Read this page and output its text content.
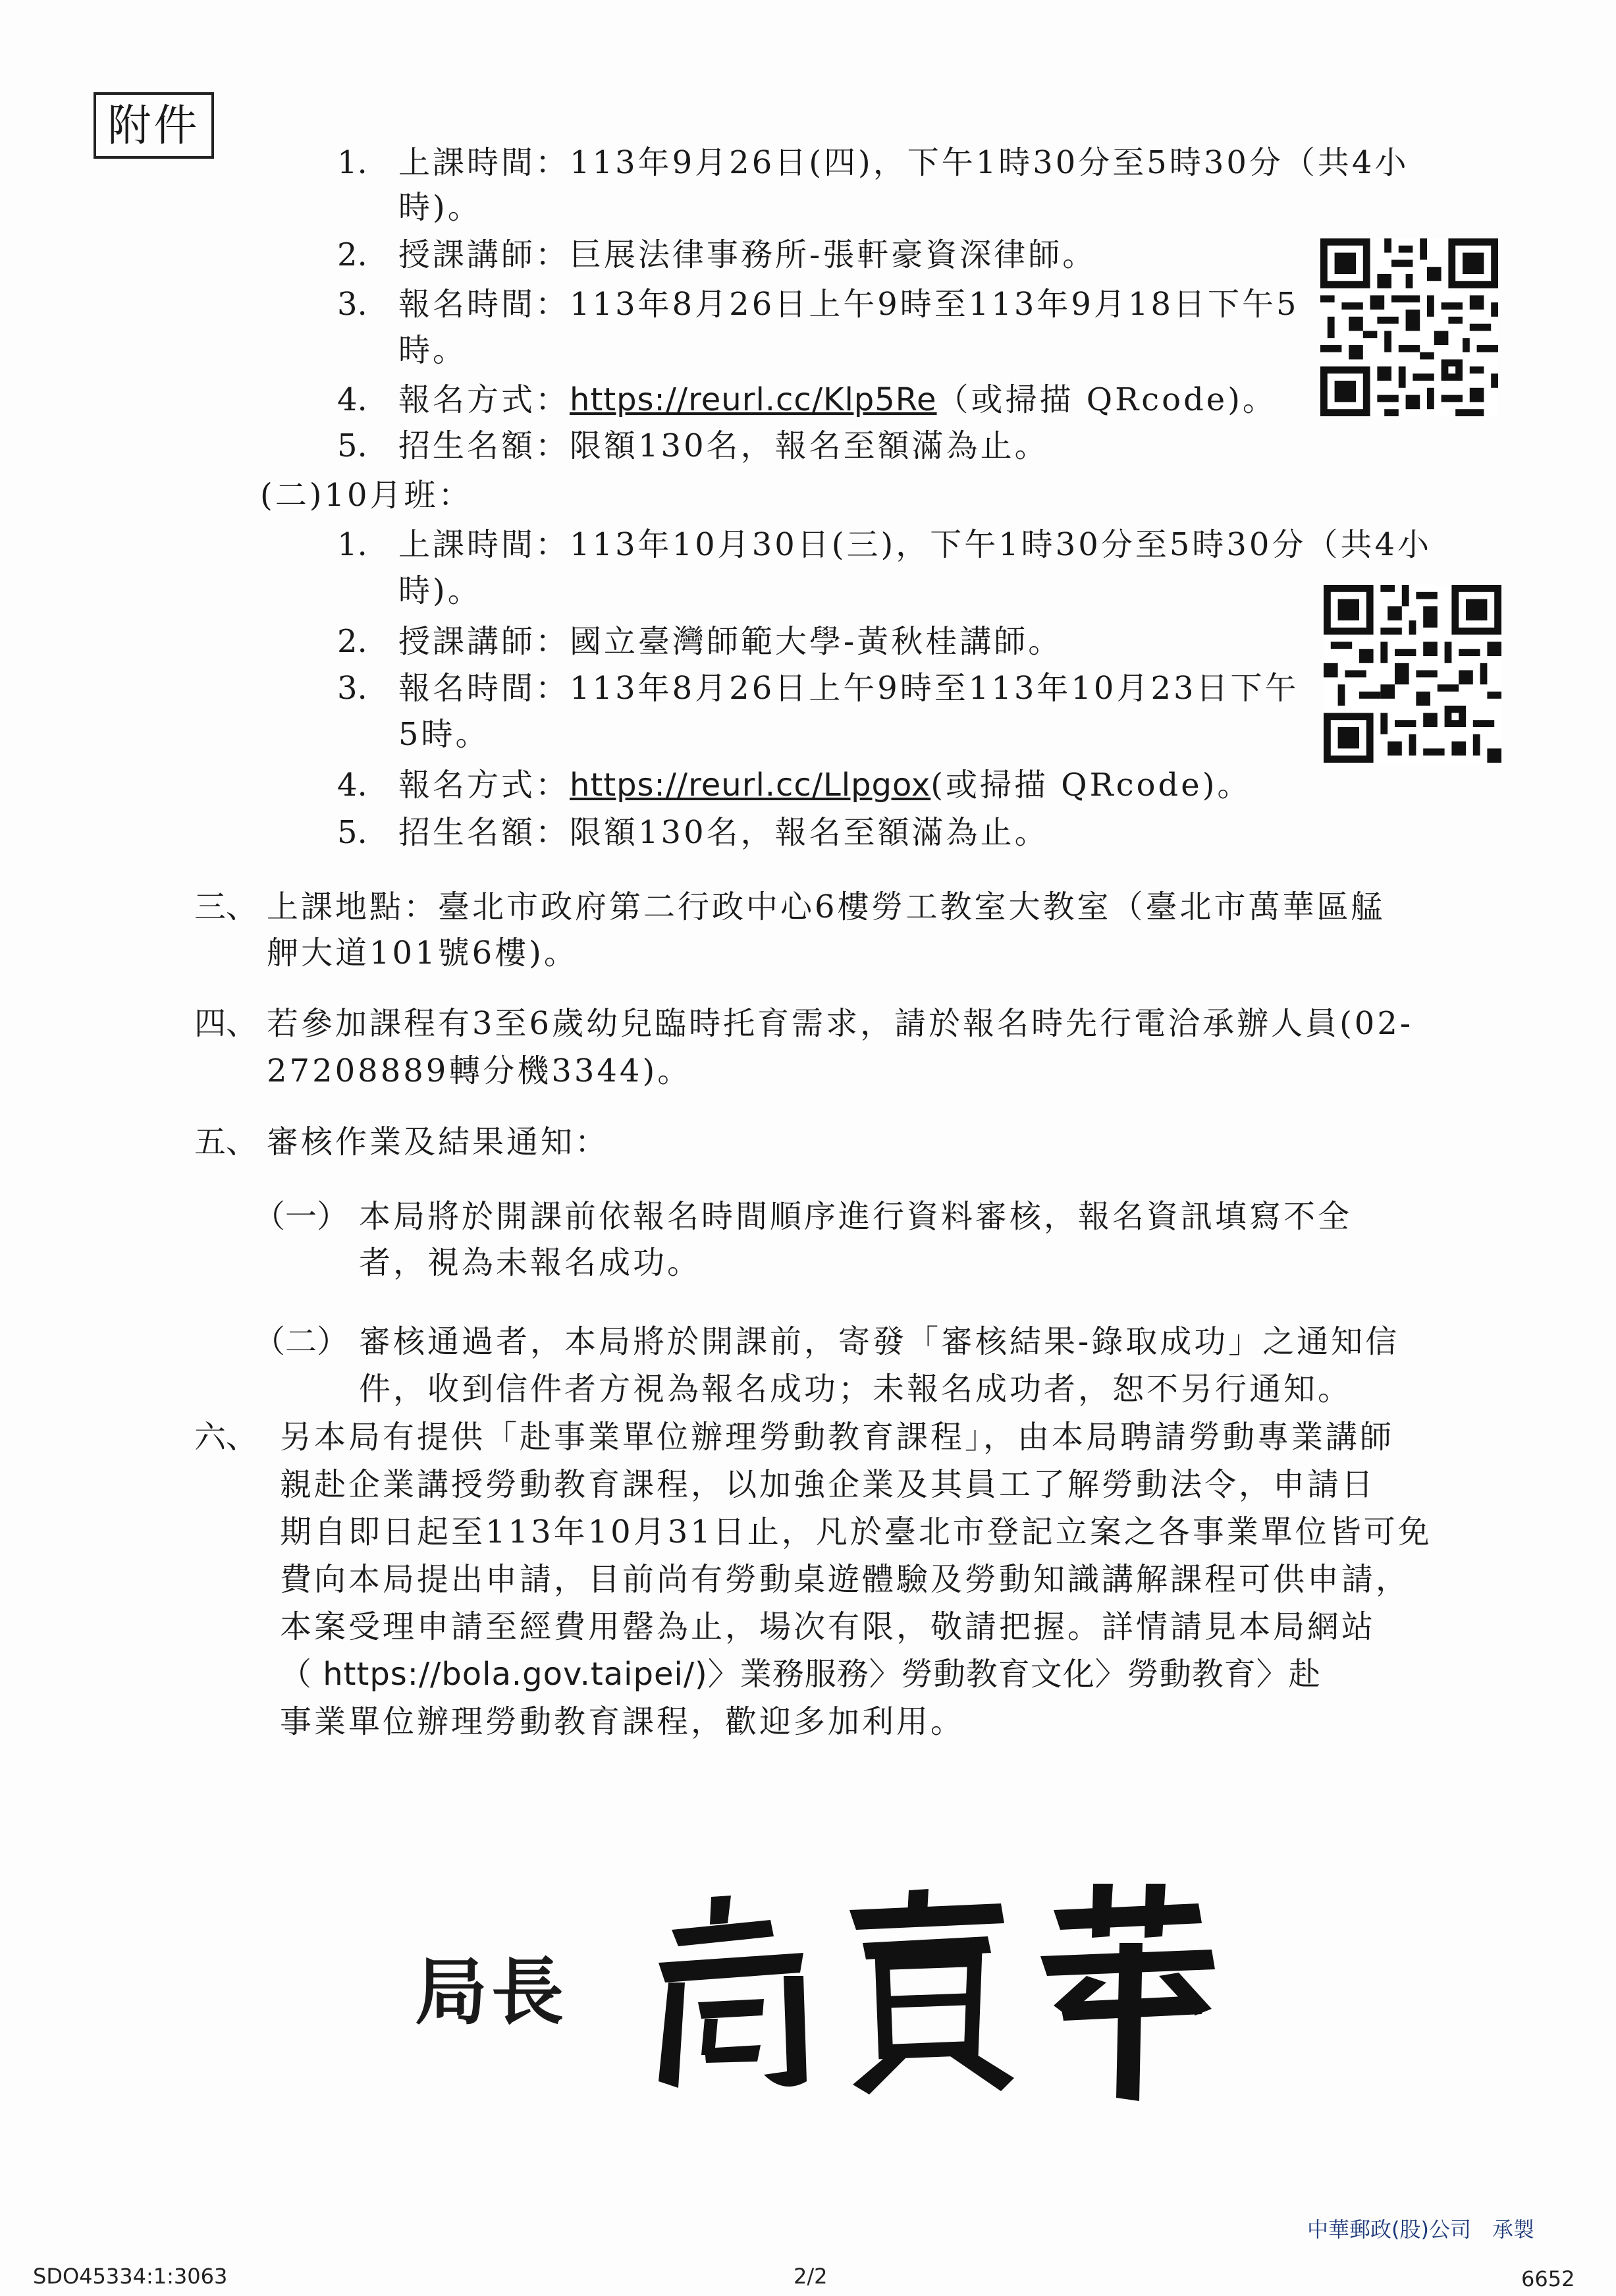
附件
1. 上課時間：113年9月26日(四)，下午1時30分至5時30分（共4小
時)。
2. 授課講師：巨展法律事務所-張軒豪資深律師。
3. 報名時間：113年8月26日上午9時至113年9月18日下午5
時。
4. 報名方式：https://reurl.cc/Klp5Re（或掃描 QRcode)。
5. 招生名額：限額130名，報名至額滿為止。
(二)10月班：
1. 上課時間：113年10月30日(三)，下午1時30分至5時30分（共4小
時)。
2. 授課講師：國立臺灣師範大學-黃秋桂講師。
3. 報名時間：113年8月26日上午9時至113年10月23日下午
5時。
4. 報名方式：https://reurl.cc/Llpgox(或掃描 QRcode)。
5. 招生名額：限額130名，報名至額滿為止。
三、 上課地點：臺北市政府第二行政中心6樓勞工教室大教室（臺北市萬華區艋
舺大道101號6樓)。
四、 若參加課程有3至6歲幼兒臨時托育需求，請於報名時先行電洽承辦人員(02-
27208889轉分機3344)。
五、 審核作業及結果通知：
（一） 本局將於開課前依報名時間順序進行資料審核，報名資訊填寫不全
者，視為未報名成功。
（二） 審核通過者，本局將於開課前，寄發「審核結果-錄取成功」之通知信
件，收到信件者方視為報名成功；未報名成功者，恕不另行通知。
六、 另本局有提供「赴事業單位辦理勞動教育課程」，由本局聘請勞動專業講師
親赴企業講授勞動教育課程，以加強企業及其員工了解勞動法令，申請日
期自即日起至113年10月31日止，凡於臺北市登記立案之各事業單位皆可免
費向本局提出申請，目前尚有勞動桌遊體驗及勞動知識講解課程可供申請，
本案受理申請至經費用罄為止，場次有限，敬請把握。詳情請見本局網站
（ https://bola.gov.taipei/)〉業務服務〉勞動教育文化〉勞動教育〉赴
事業單位辦理勞動教育課程，歡迎多加利用。
局長
中華郵政(股)公司　承製
SDO45334:1:3063	2/2	6652
